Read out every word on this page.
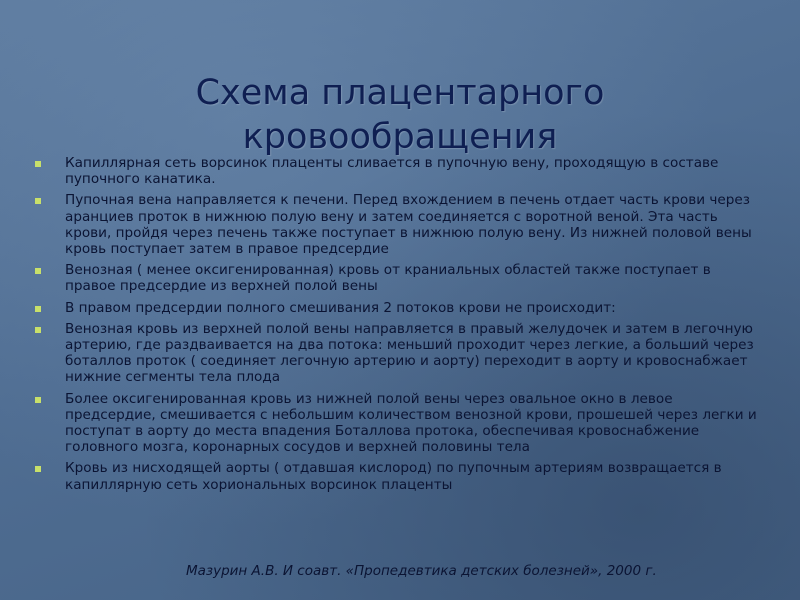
Схема плацентарного
кровообращения
Капиллярная сеть ворсинок плаценты сливается в пупочную вену, проходящую в составе пупочного канатика.
Пупочная вена направляется к печени. Перед вхождением в печень отдает часть крови через аранциев проток в нижнюю полую вену и затем соединяется с воротной веной. Эта часть крови, пройдя через печень также поступает в нижнюю полую вену. Из нижней половой вены кровь поступает затем в правое предсердие
Венозная ( менее оксигенированная) кровь от краниальных областей также поступает в правое предсердие из верхней полой вены
В правом предсердии полного смешивания 2 потоков крови не происходит:
Венозная кровь из верхней полой вены направляется в правый желудочек и затем в легочную артерию, где раздваивается на два потока: меньший проходит через легкие, а больший через боталлов проток ( соединяет легочную артерию и аорту) переходит в аорту и кровоснабжает нижние сегменты тела плода
Более оксигенированная кровь из нижней полой вены через овальное окно в левое предсердие, смешивается с небольшим количеством венозной крови, прошешей через легки и поступат в аорту до места впадения Боталлова протока, обеспечивая кровоснабжение головного мозга, коронарных сосудов и верхней половины тела
Кровь из нисходящей аорты ( отдавшая кислород) по пупочным артериям возвращается в капиллярную сеть хориональных ворсинок плаценты
Мазурин А.В. И соавт. «Пропедевтика детских болезней», 2000 г.
